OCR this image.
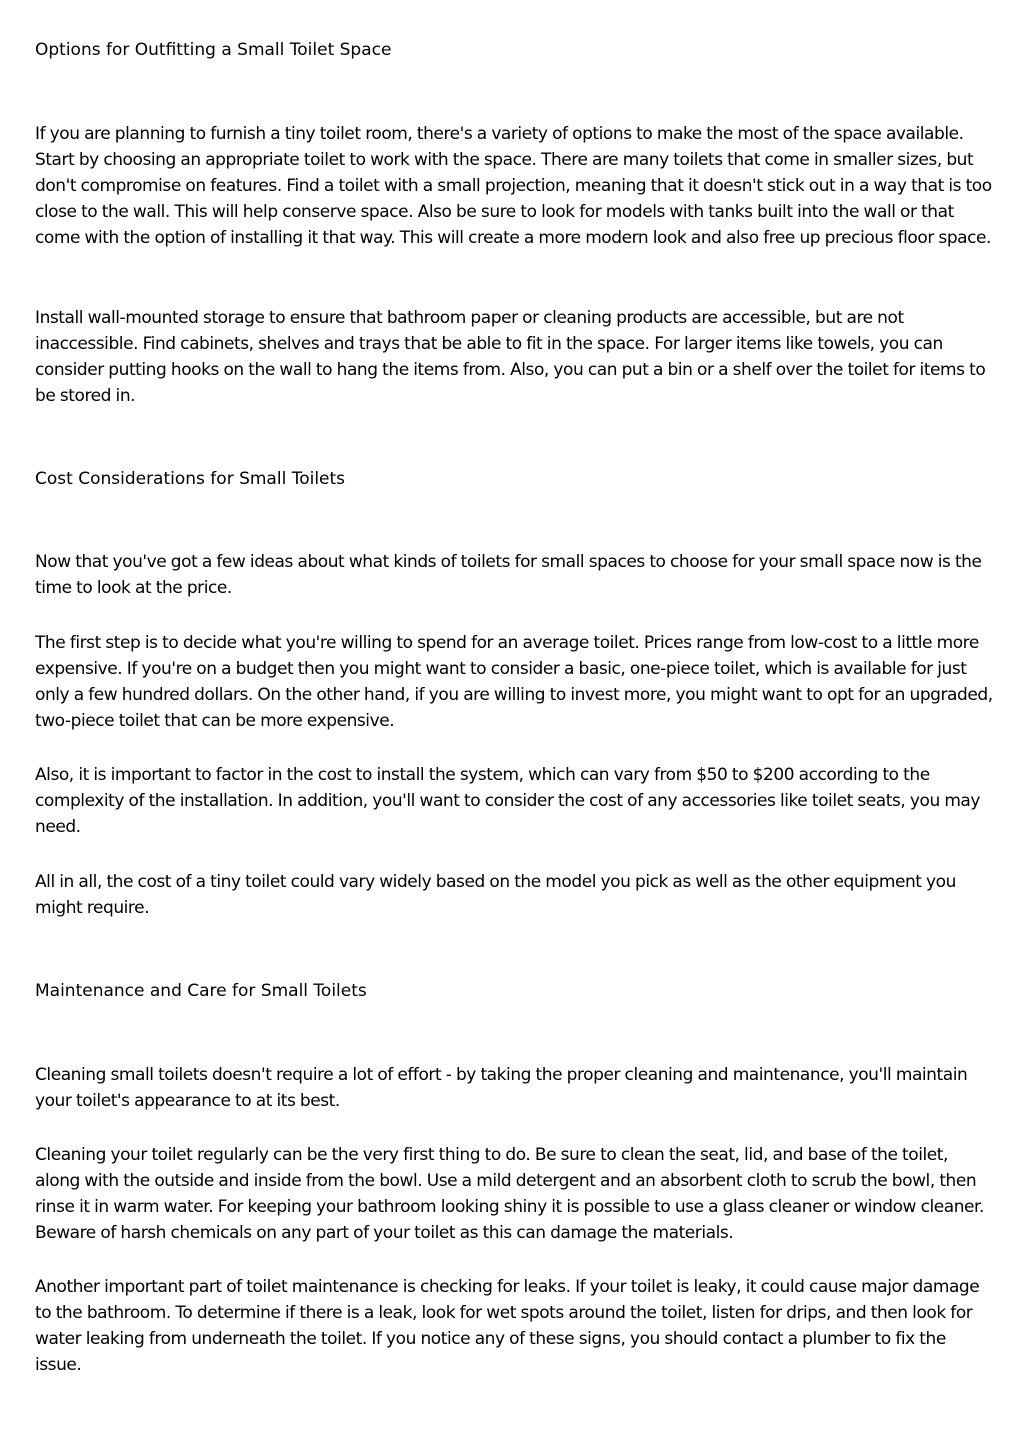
Options for Outfitting a Small Toilet Space

If you are planning to furnish a tiny toilet room, there's a variety of options to make the most of the space available. Start by choosing an appropriate toilet to work with the space. There are many toilets that come in smaller sizes, but don't compromise on features. Find a toilet with a small projection, meaning that it doesn't stick out in a way that is too close to the wall. This will help conserve space. Also be sure to look for models with tanks built into the wall or that come with the option of installing it that way. This will create a more modern look and also free up precious floor space.

Install wall-mounted storage to ensure that bathroom paper or cleaning products are accessible, but are not inaccessible. Find cabinets, shelves and trays that be able to fit in the space. For larger items like towels, you can consider putting hooks on the wall to hang the items from. Also, you can put a bin or a shelf over the toilet for items to be stored in.

Cost Considerations for Small Toilets

Now that you've got a few ideas about what kinds of toilets for small spaces to choose for your small space now is the time to look at the price.

The first step is to decide what you're willing to spend for an average toilet. Prices range from low-cost to a little more expensive. If you're on a budget then you might want to consider a basic, one-piece toilet, which is available for just only a few hundred dollars. On the other hand, if you are willing to invest more, you might want to opt for an upgraded, two-piece toilet that can be more expensive.

Also, it is important to factor in the cost to install the system, which can vary from $50 to $200 according to the complexity of the installation. In addition, you'll want to consider the cost of any accessories like toilet seats, you may need.

All in all, the cost of a tiny toilet could vary widely based on the model you pick as well as the other equipment you might require.

Maintenance and Care for Small Toilets

Cleaning small toilets doesn't require a lot of effort - by taking the proper cleaning and maintenance, you'll maintain your toilet's appearance to at its best.

Cleaning your toilet regularly can be the very first thing to do. Be sure to clean the seat, lid, and base of the toilet, along with the outside and inside from the bowl. Use a mild detergent and an absorbent cloth to scrub the bowl, then rinse it in warm water. For keeping your bathroom looking shiny it is possible to use a glass cleaner or window cleaner. Beware of harsh chemicals on any part of your toilet as this can damage the materials.

Another important part of toilet maintenance is checking for leaks. If your toilet is leaky, it could cause major damage to the bathroom. To determine if there is a leak, look for wet spots around the toilet, listen for drips, and then look for water leaking from underneath the toilet. If you notice any of these signs, you should contact a plumber to fix the issue.
